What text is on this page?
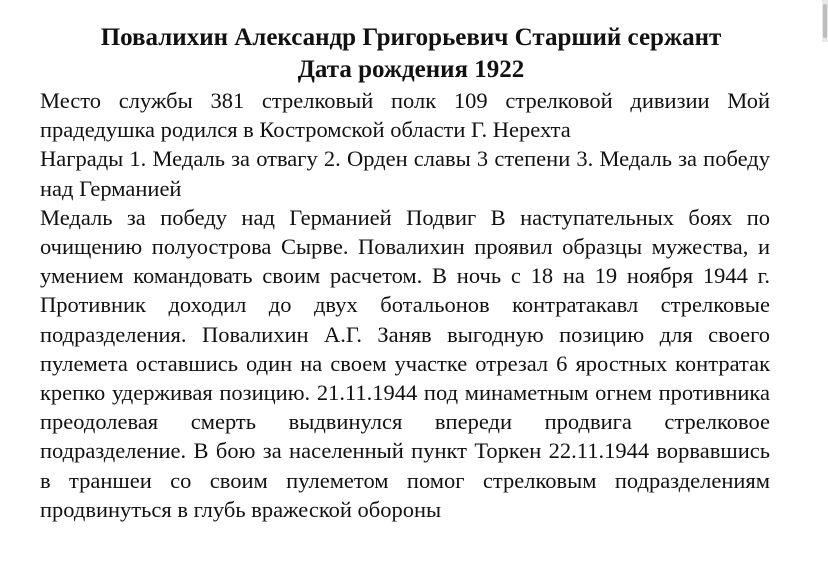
Повалихин Александр Григорьевич Старший сержант
Дата рождения 1922

Место службы 381 стрелковый полк 109 стрелковой дивизии Мой прадедушка родился в Костромской области Г. Нерехта

Награды 1. Медаль за отвагу 2. Орден славы 3 степени 3. Медаль за победу над Германией

Медаль за победу над Германией Подвиг В наступательных боях по очищению полуострова Сырве. Повалихин проявил образцы мужества, и умением командовать своим расчетом. В ночь с 18 на 19 ноября 1944 г. Противник доходил до двух ботальонов контратакавл стрелковые подразделения. Повалихин А.Г. Заняв выгодную позицию для своего пулемета оставшись один на своем участке отрезал 6 яростных контратак крепко удерживая позицию. 21.11.1944 под минаметным огнем противника преодолевая смерть выдвинулся впереди продвига стрелковое подразделение. В бою за населенный пункт Торкен 22.11.1944 ворвавшись в траншеи со своим пулеметом помог стрелковым подразделениям продвинуться в глубь вражеской обороны
